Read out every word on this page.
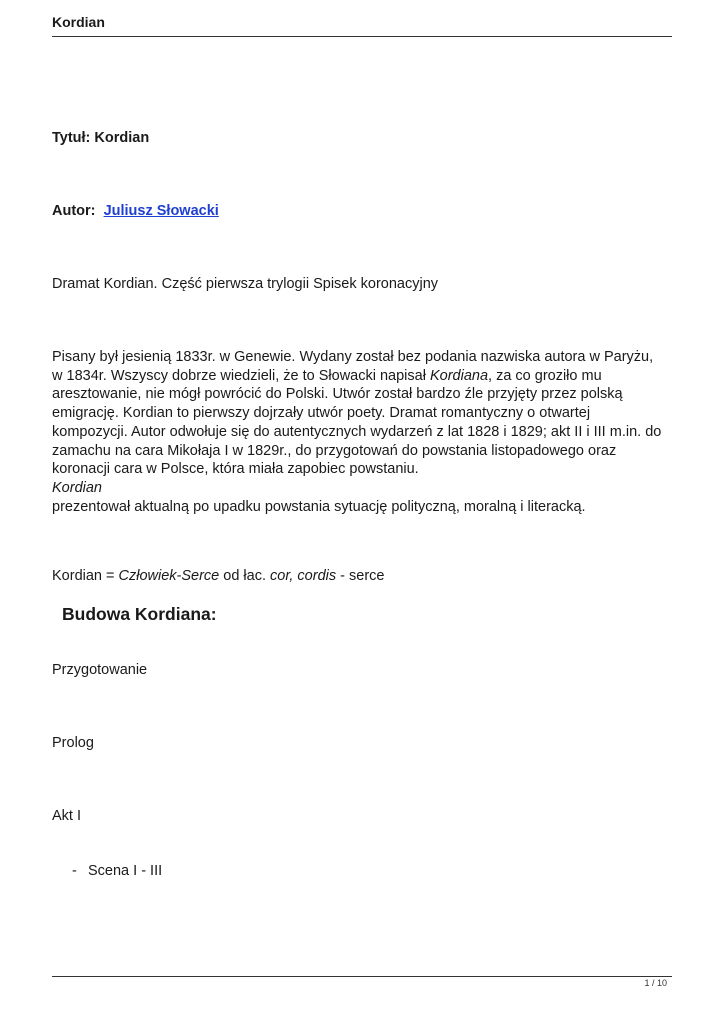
Kordian
Tytuł: Kordian
Autor: Juliusz Słowacki
Dramat Kordian. Część pierwsza trylogii Spisek koronacyjny
Pisany był jesienią 1833r. w Genewie. Wydany został bez podania nazwiska autora w Paryżu,
w 1834r. Wszyscy dobrze wiedzieli, że to Słowacki napisał Kordiana, za co groziło mu
aresztowanie, nie mógł powrócić do Polski. Utwór został bardzo źle przyjęty przez polską
emigrację. Kordian to pierwszy dojrzały utwór poety. Dramat romantyczny o otwartej
kompozycji. Autor odwołuje się do autentycznych wydarzeń z lat 1828 i 1829; akt II i III m.in. do
zamachu na cara Mikołaja I w 1829r., do przygotowań do powstania listopadowego oraz
koronacji cara w Polsce, która miała zapobiec powstaniu.
Kordian
prezentował aktualną po upadku powstania sytuację polityczną, moralną i literacką.
Kordian = Człowiek-Serce od łac. cor, cordis - serce
Budowa Kordiana:
Przygotowanie
Prolog
Akt I
- Scena I - III
1 / 10
